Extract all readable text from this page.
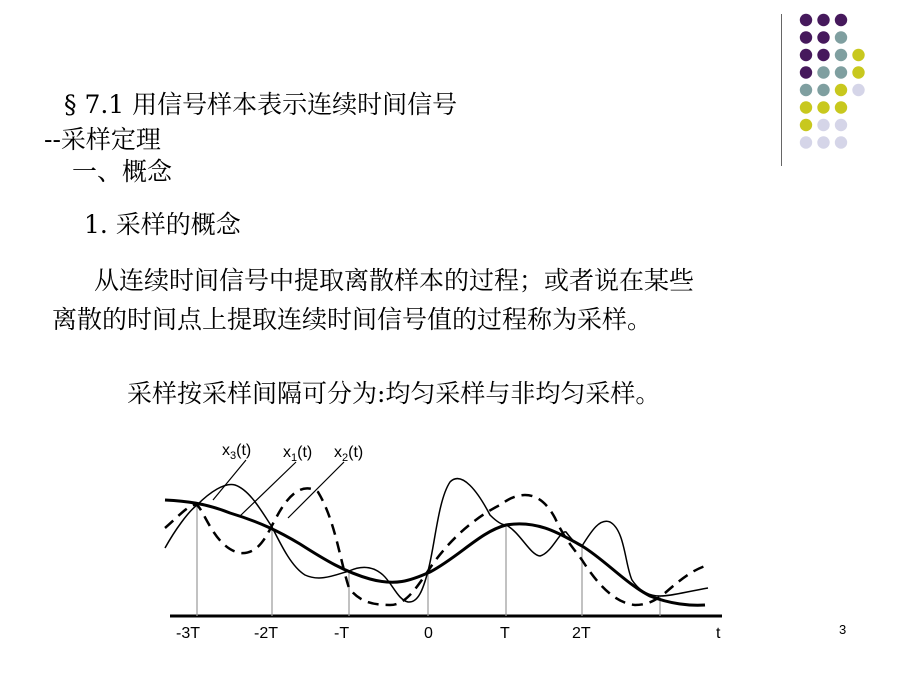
§ 7.1 用信号样本表示连续时间信号
--采样定理
一、概念
1. 采样的概念
从连续时间信号中提取离散样本的过程；或者说在某些
离散的时间点上提取连续时间信号值的过程称为采样。
采样按采样间隔可分为:均匀采样与非均匀采样。
$x_3(t)$ $x_1(t)$ $x_2(t)$
-3T	-2T	-T	0	T	2T	t	3
